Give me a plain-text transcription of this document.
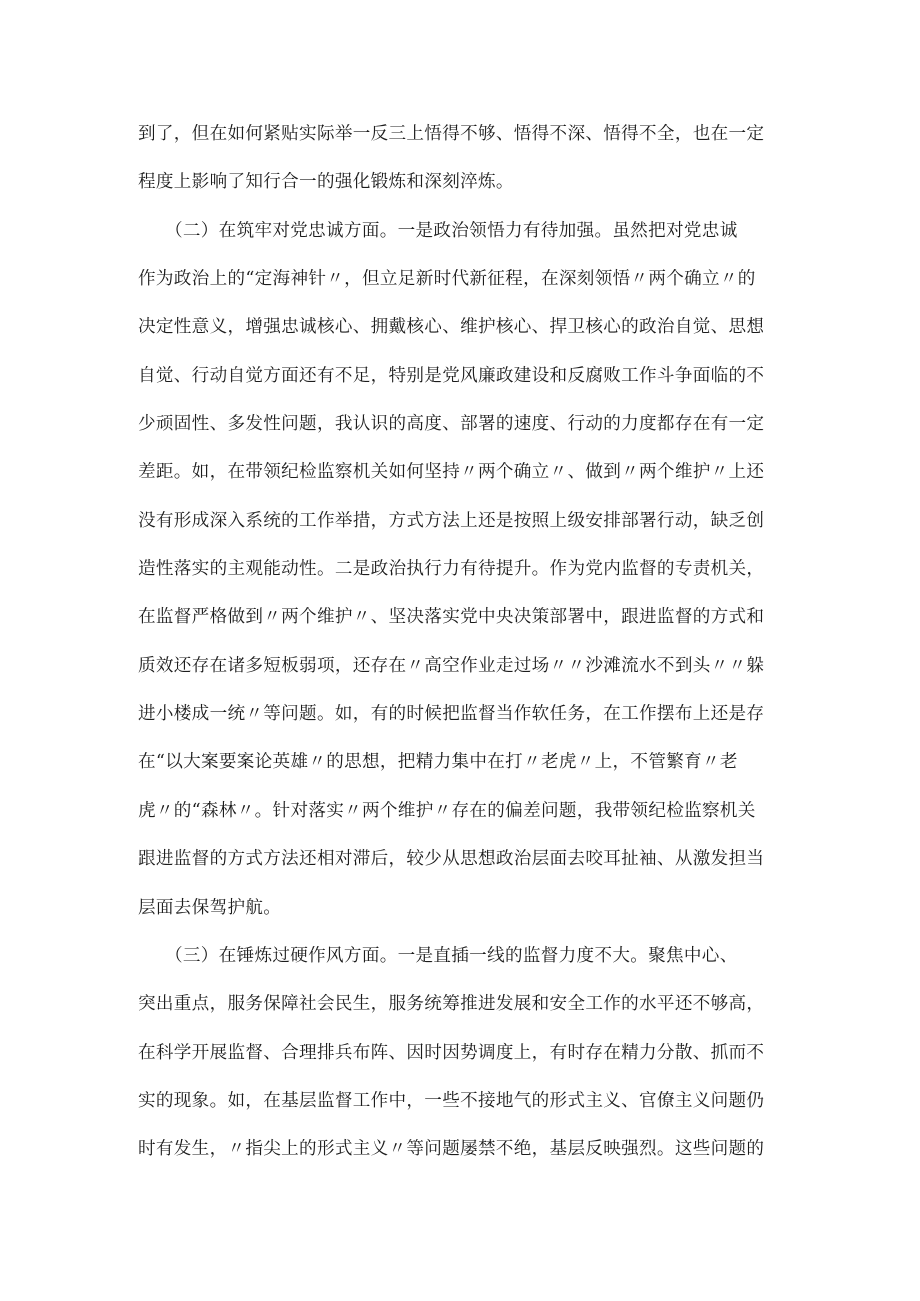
到了，但在如何紧贴实际举一反三上悟得不够、悟得不深、悟得不全，也在一定
程度上影响了知行合一的强化锻炼和深刻淬炼。
　　（二）在筑牢对党忠诚方面。一是政治领悟力有待加强。虽然把对党忠诚
作为政治上的“定海神针〃，但立足新时代新征程，在深刻领悟〃两个确立〃的
决定性意义，增强忠诚核心、拥戴核心、维护核心、捍卫核心的政治自觉、思想
自觉、行动自觉方面还有不足，特别是党风廉政建设和反腐败工作斗争面临的不
少顽固性、多发性问题，我认识的高度、部署的速度、行动的力度都存在有一定
差距。如，在带领纪检监察机关如何坚持〃两个确立〃、做到〃两个维护〃上还
没有形成深入系统的工作举措，方式方法上还是按照上级安排部署行动，缺乏创
造性落实的主观能动性。二是政治执行力有待提升。作为党内监督的专责机关，
在监督严格做到〃两个维护〃、坚决落实党中央决策部署中，跟进监督的方式和
质效还存在诸多短板弱项，还存在〃高空作业走过场〃〃沙滩流水不到头〃〃躲
进小楼成一统〃等问题。如，有的时候把监督当作软任务，在工作摆布上还是存
在“以大案要案论英雄〃的思想，把精力集中在打〃老虎〃上，不管繁育〃老
虎〃的“森林〃。针对落实〃两个维护〃存在的偏差问题，我带领纪检监察机关
跟进监督的方式方法还相对滞后，较少从思想政治层面去咬耳扯袖、从激发担当
层面去保驾护航。
　　（三）在锤炼过硬作风方面。一是直插一线的监督力度不大。聚焦中心、
突出重点，服务保障社会民生，服务统筹推进发展和安全工作的水平还不够高，
在科学开展监督、合理排兵布阵、因时因势调度上，有时存在精力分散、抓而不
实的现象。如，在基层监督工作中，一些不接地气的形式主义、官僚主义问题仍
时有发生，〃指尖上的形式主义〃等问题屡禁不绝，基层反映强烈。这些问题的
